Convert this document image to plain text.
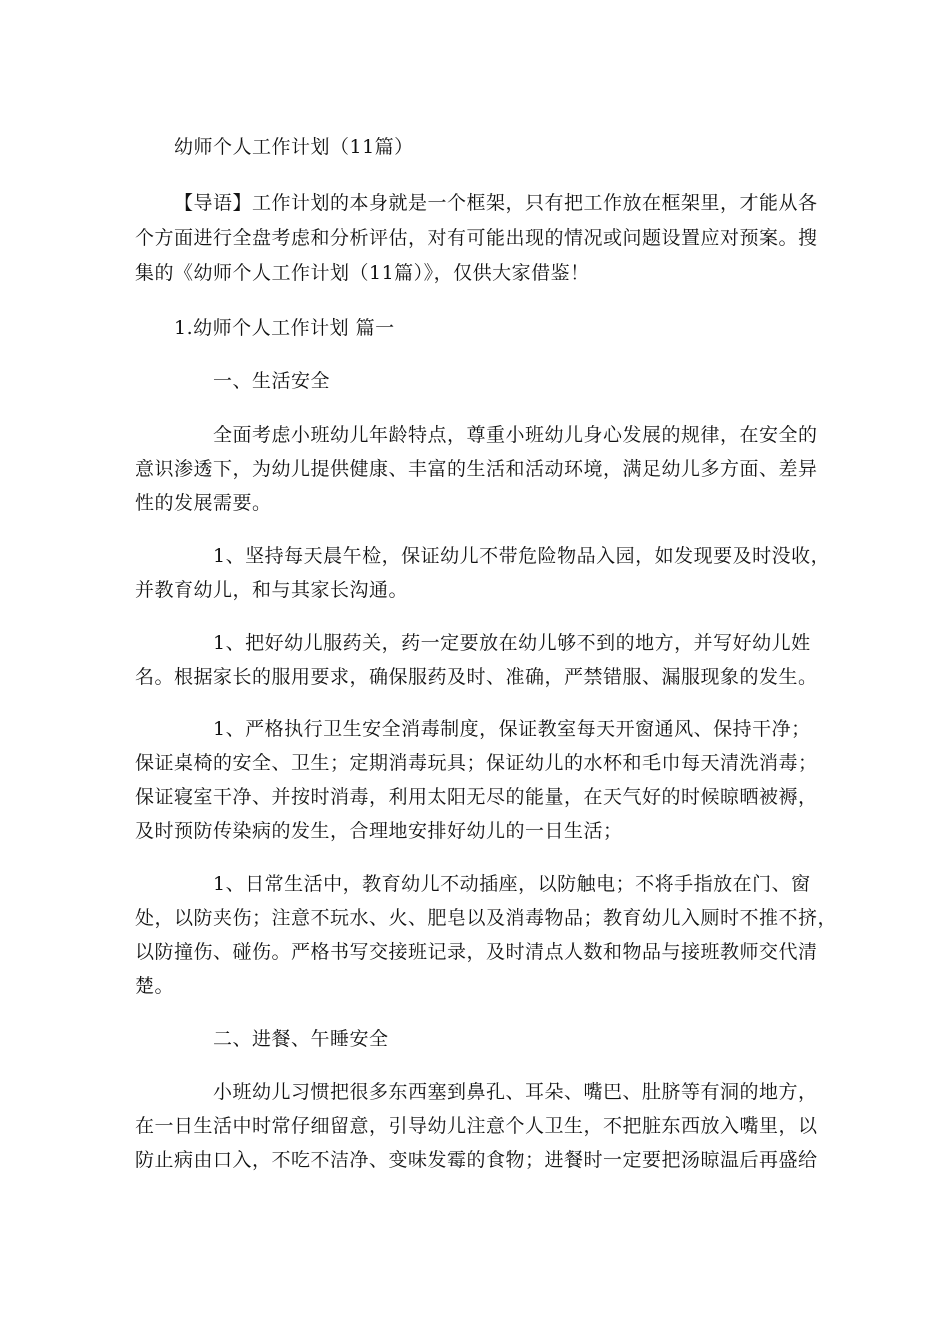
幼师个人工作计划（11篇）
【导语】工作计划的本身就是一个框架，只有把工作放在框架里，才能从各
个方面进行全盘考虑和分析评估，对有可能出现的情况或问题设置应对预案。搜
集的《幼师个人工作计划（11篇）》，仅供大家借鉴！
1.幼师个人工作计划 篇一
一、生活安全
全面考虑小班幼儿年龄特点，尊重小班幼儿身心发展的规律，在安全的
意识渗透下，为幼儿提供健康、丰富的生活和活动环境，满足幼儿多方面、差异
性的发展需要。
1、坚持每天晨午检，保证幼儿不带危险物品入园，如发现要及时没收，
并教育幼儿，和与其家长沟通。
1、把好幼儿服药关，药一定要放在幼儿够不到的地方，并写好幼儿姓
名。根据家长的服用要求，确保服药及时、准确，严禁错服、漏服现象的发生。
1、严格执行卫生安全消毒制度，保证教室每天开窗通风、保持干净；
保证桌椅的安全、卫生；定期消毒玩具；保证幼儿的水杯和毛巾每天清洗消毒；
保证寝室干净、并按时消毒，利用太阳无尽的能量，在天气好的时候晾晒被褥，
及时预防传染病的发生，合理地安排好幼儿的一日生活；
1、日常生活中，教育幼儿不动插座，以防触电；不将手指放在门、窗
处，以防夹伤；注意不玩水、火、肥皂以及消毒物品；教育幼儿入厕时不推不挤，
以防撞伤、碰伤。严格书写交接班记录，及时清点人数和物品与接班教师交代清
楚。
二、进餐、午睡安全
小班幼儿习惯把很多东西塞到鼻孔、耳朵、嘴巴、肚脐等有洞的地方，
在一日生活中时常仔细留意，引导幼儿注意个人卫生，不把脏东西放入嘴里，以
防止病由口入，不吃不洁净、变味发霉的食物；进餐时一定要把汤晾温后再盛给
